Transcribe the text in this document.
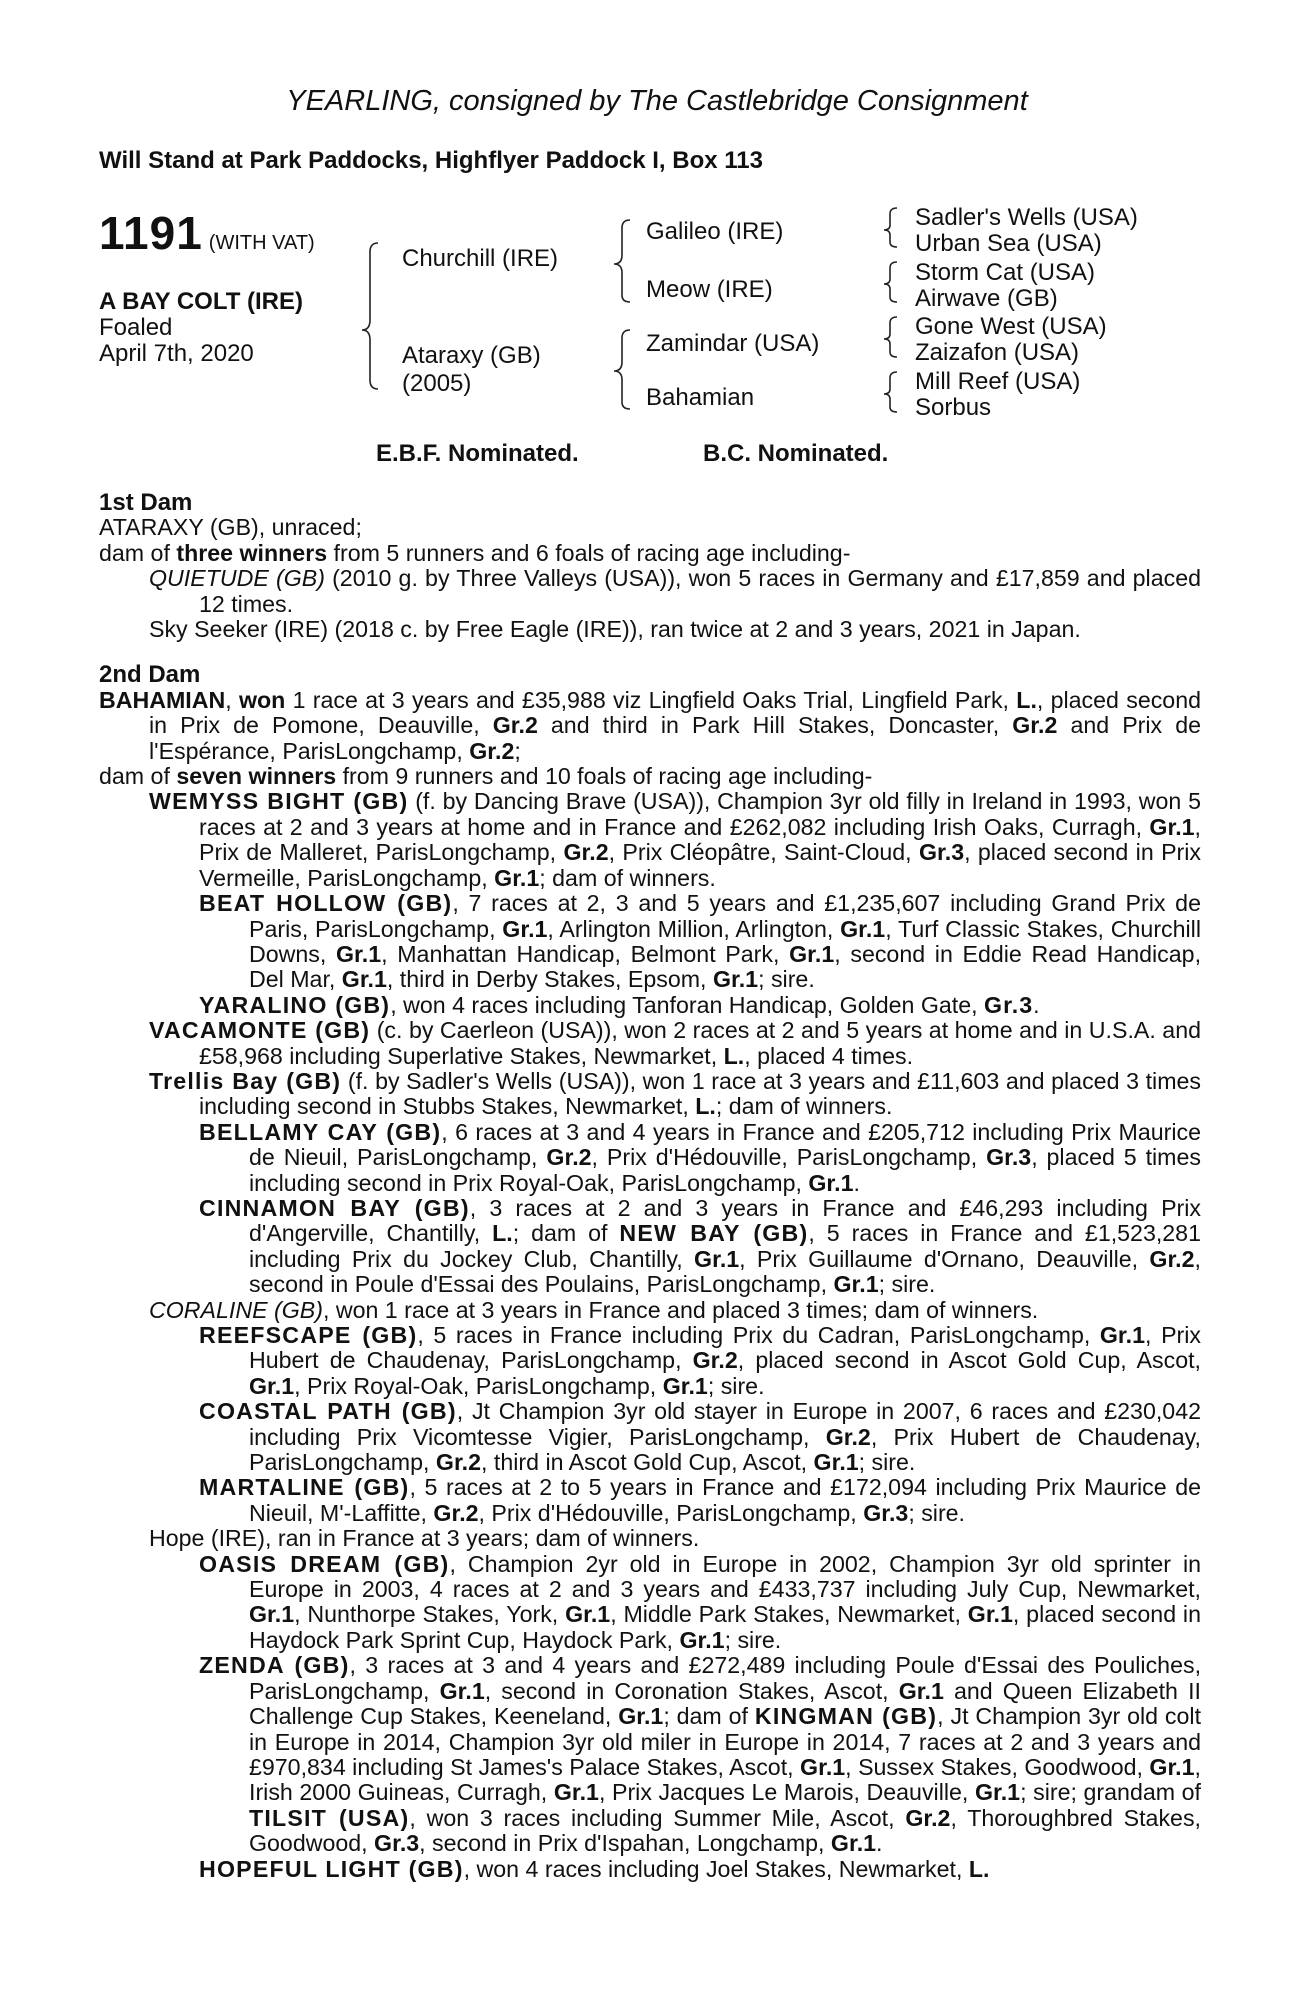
YEARLING, consigned by The Castlebridge Consignment
Will Stand at Park Paddocks, Highflyer Paddock I, Box 113
1191 (WITH VAT)
A BAY COLT (IRE)
Foaled
April 7th, 2020
Churchill (IRE)
Ataraxy (GB)
(2005)
Galileo (IRE)
Meow (IRE)
Zamindar (USA)
Bahamian
Sadler's Wells (USA)
Urban Sea (USA)
Storm Cat (USA)
Airwave (GB)
Gone West (USA)
Zaizafon (USA)
Mill Reef (USA)
Sorbus
E.B.F. Nominated.	B.C. Nominated.

1st Dam

ATARAXY (GB), unraced;

dam of three winners from 5 runners and 6 foals of racing age including-

QUIETUDE (GB) (2010 g. by Three Valleys (USA)), won 5 races in Germany and £17,859 and placed 12 times.

Sky Seeker (IRE) (2018 c. by Free Eagle (IRE)), ran twice at 2 and 3 years, 2021 in Japan.

2nd Dam

BAHAMIAN, won 1 race at 3 years and £35,988 viz Lingfield Oaks Trial, Lingfield Park, L., placed second in Prix de Pomone, Deauville, Gr.2 and third in Park Hill Stakes, Doncaster, Gr.2 and Prix de l'Espérance, ParisLongchamp, Gr.2;

dam of seven winners from 9 runners and 10 foals of racing age including-

WEMYSS BIGHT (GB) (f. by Dancing Brave (USA)), Champion 3yr old filly in Ireland in 1993, won 5 races at 2 and 3 years at home and in France and £262,082 including Irish Oaks, Curragh, Gr.1, Prix de Malleret, ParisLongchamp, Gr.2, Prix Cléopâtre, Saint-Cloud, Gr.3, placed second in Prix Vermeille, ParisLongchamp, Gr.1; dam of winners.

BEAT HOLLOW (GB), 7 races at 2, 3 and 5 years and £1,235,607 including Grand Prix de Paris, ParisLongchamp, Gr.1, Arlington Million, Arlington, Gr.1, Turf Classic Stakes, Churchill Downs, Gr.1, Manhattan Handicap, Belmont Park, Gr.1, second in Eddie Read Handicap, Del Mar, Gr.1, third in Derby Stakes, Epsom, Gr.1; sire.

YARALINO (GB), won 4 races including Tanforan Handicap, Golden Gate, Gr.3.

VACAMONTE (GB) (c. by Caerleon (USA)), won 2 races at 2 and 5 years at home and in U.S.A. and £58,968 including Superlative Stakes, Newmarket, L., placed 4 times.

Trellis Bay (GB) (f. by Sadler's Wells (USA)), won 1 race at 3 years and £11,603 and placed 3 times including second in Stubbs Stakes, Newmarket, L.; dam of winners.

BELLAMY CAY (GB), 6 races at 3 and 4 years in France and £205,712 including Prix Maurice de Nieuil, ParisLongchamp, Gr.2, Prix d'Hédouville, ParisLongchamp, Gr.3, placed 5 times including second in Prix Royal-Oak, ParisLongchamp, Gr.1.

CINNAMON BAY (GB), 3 races at 2 and 3 years in France and £46,293 including Prix d'Angerville, Chantilly, L.; dam of NEW BAY (GB), 5 races in France and £1,523,281 including Prix du Jockey Club, Chantilly, Gr.1, Prix Guillaume d'Ornano, Deauville, Gr.2, second in Poule d'Essai des Poulains, ParisLongchamp, Gr.1; sire.

CORALINE (GB), won 1 race at 3 years in France and placed 3 times; dam of winners.

REEFSCAPE (GB), 5 races in France including Prix du Cadran, ParisLongchamp, Gr.1, Prix Hubert de Chaudenay, ParisLongchamp, Gr.2, placed second in Ascot Gold Cup, Ascot, Gr.1, Prix Royal-Oak, ParisLongchamp, Gr.1; sire.

COASTAL PATH (GB), Jt Champion 3yr old stayer in Europe in 2007, 6 races and £230,042 including Prix Vicomtesse Vigier, ParisLongchamp, Gr.2, Prix Hubert de Chaudenay, ParisLongchamp, Gr.2, third in Ascot Gold Cup, Ascot, Gr.1; sire.

MARTALINE (GB), 5 races at 2 to 5 years in France and £172,094 including Prix Maurice de Nieuil, M'-Laffitte, Gr.2, Prix d'Hédouville, ParisLongchamp, Gr.3; sire.

Hope (IRE), ran in France at 3 years; dam of winners.

OASIS DREAM (GB), Champion 2yr old in Europe in 2002, Champion 3yr old sprinter in Europe in 2003, 4 races at 2 and 3 years and £433,737 including July Cup, Newmarket, Gr.1, Nunthorpe Stakes, York, Gr.1, Middle Park Stakes, Newmarket, Gr.1, placed second in Haydock Park Sprint Cup, Haydock Park, Gr.1; sire.

ZENDA (GB), 3 races at 3 and 4 years and £272,489 including Poule d'Essai des Pouliches, ParisLongchamp, Gr.1, second in Coronation Stakes, Ascot, Gr.1 and Queen Elizabeth II Challenge Cup Stakes, Keeneland, Gr.1; dam of KINGMAN (GB), Jt Champion 3yr old colt in Europe in 2014, Champion 3yr old miler in Europe in 2014, 7 races at 2 and 3 years and £970,834 including St James's Palace Stakes, Ascot, Gr.1, Sussex Stakes, Goodwood, Gr.1, Irish 2000 Guineas, Curragh, Gr.1, Prix Jacques Le Marois, Deauville, Gr.1; sire; grandam of TILSIT (USA), won 3 races including Summer Mile, Ascot, Gr.2, Thoroughbred Stakes, Goodwood, Gr.3, second in Prix d'Ispahan, Longchamp, Gr.1.

HOPEFUL LIGHT (GB), won 4 races including Joel Stakes, Newmarket, L.
